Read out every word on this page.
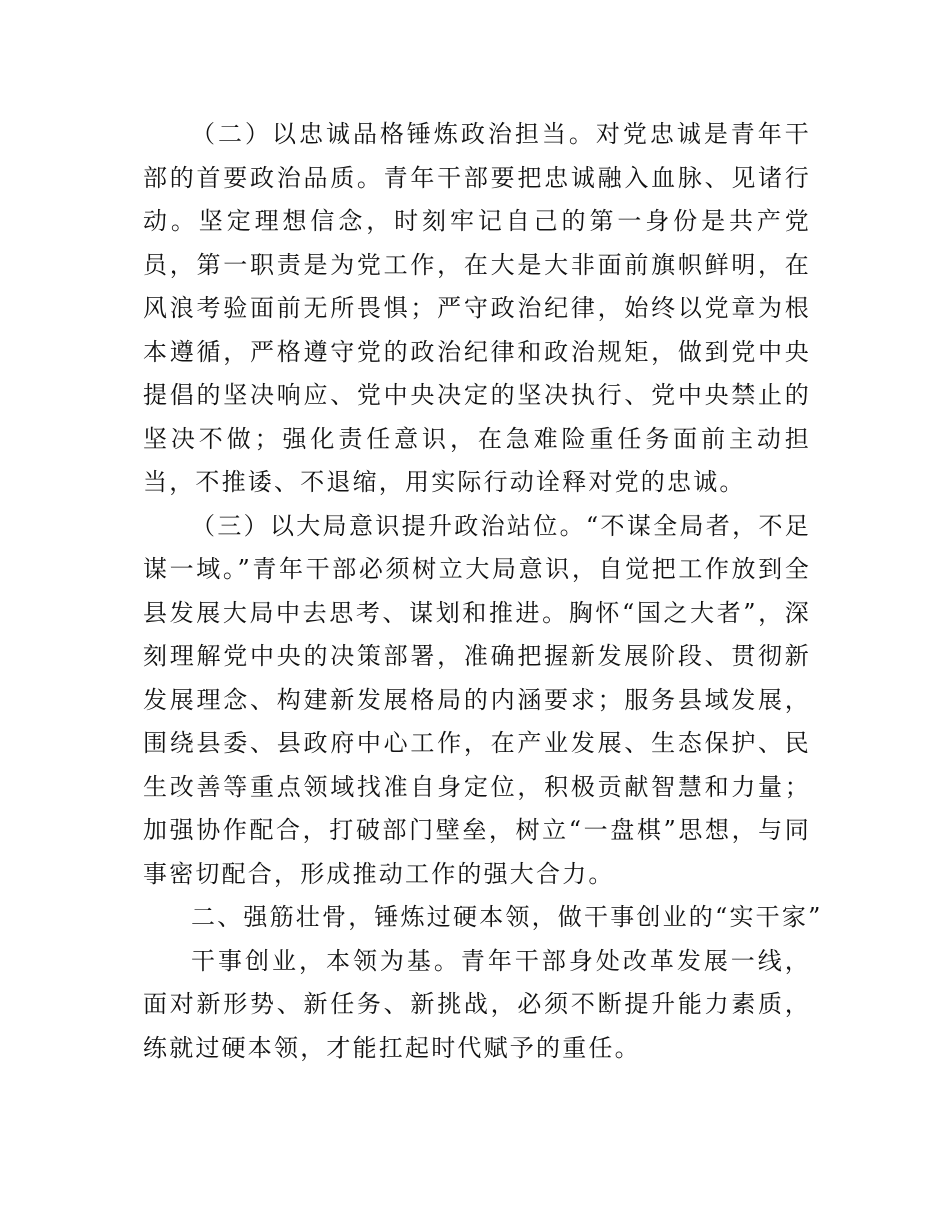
（二）以忠诚品格锤炼政治担当。对党忠诚是青年干部的首要政治品质。青年干部要把忠诚融入血脉、见诸行动。坚定理想信念，时刻牢记自己的第一身份是共产党员，第一职责是为党工作，在大是大非面前旗帜鲜明，在风浪考验面前无所畏惧；严守政治纪律，始终以党章为根本遵循，严格遵守党的政治纪律和政治规矩，做到党中央提倡的坚决响应、党中央决定的坚决执行、党中央禁止的坚决不做；强化责任意识，在急难险重任务面前主动担当，不推诿、不退缩，用实际行动诠释对党的忠诚。

（三）以大局意识提升政治站位。“不谋全局者，不足谋一域。”青年干部必须树立大局意识，自觉把工作放到全县发展大局中去思考、谋划和推进。胸怀“国之大者”，深刻理解党中央的决策部署，准确把握新发展阶段、贯彻新发展理念、构建新发展格局的内涵要求；服务县域发展，围绕县委、县政府中心工作，在产业发展、生态保护、民生改善等重点领域找准自身定位，积极贡献智慧和力量；加强协作配合，打破部门壁垒，树立“一盘棋”思想，与同事密切配合，形成推动工作的强大合力。

二、强筋壮骨，锤炼过硬本领，做干事创业的“实干家”

干事创业，本领为基。青年干部身处改革发展一线，面对新形势、新任务、新挑战，必须不断提升能力素质，练就过硬本领，才能扛起时代赋予的重任。
